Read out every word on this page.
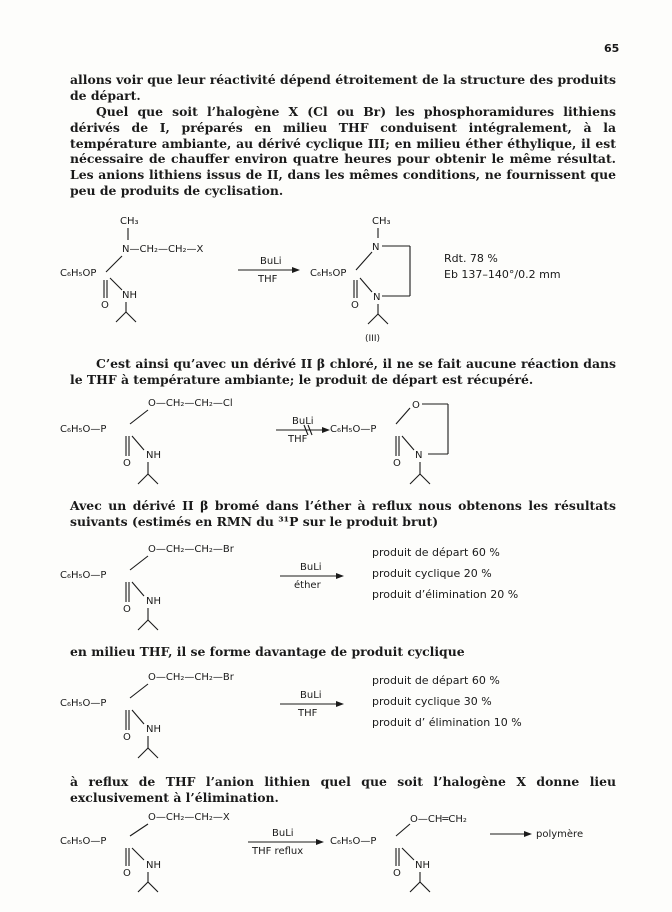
65

allons voir que leur réactivité dépend étroitement de la structure des produits de départ.

Quel que soit l’halogène X (Cl ou Br) les phosphoramidures lithiens dérivés de I, préparés en milieu THF conduisent intégralement, à la température ambiante, au dérivé cyclique III; en milieu éther éthylique, il est nécessaire de chauffer environ quatre heures pour obtenir le même résultat. Les anions lithiens issus de II, dans les mêmes conditions, ne fournissent que peu de produits de cyclisation.

CH₃
N—CH₂—CH₂—X
C₆H₅OP
O
NH
BuLi
THF
CH₃
N
C₆H₅OP
O
N
(III)
Rdt. 78 %
Eb 137–140°/0.2 mm

C’est ainsi qu’avec un dérivé II β chloré, il ne se fait aucune réaction dans le THF à température ambiante; le produit de départ est récupéré.

O—CH₂—CH₂—Cl
C₆H₅O—P
O
NH
BuLi
THF
C₆H₅O—P
O
O
N

Avec un dérivé II β bromé dans l’éther à reflux nous obtenons les résultats suivants (estimés en RMN du ³¹P sur le produit brut)

O—CH₂—CH₂—Br
C₆H₅O—P
O
NH
BuLi
éther
produit de départ 60 %
produit cyclique 20 %
produit d’élimination 20 %

en milieu THF, il se forme davantage de produit cyclique

O—CH₂—CH₂—Br
C₆H₅O—P
O
NH
BuLi
THF
produit de départ 60 %
produit cyclique 30 %
produit d’ élimination 10 %

à reflux de THF l’anion lithien quel que soit l’halogène X donne lieu exclusivement à l’élimination.

O—CH₂—CH₂—X
C₆H₅O—P
O
NH
BuLi
THF reflux
C₆H₅O—P
O—CH═CH₂
O
NH
polymère
